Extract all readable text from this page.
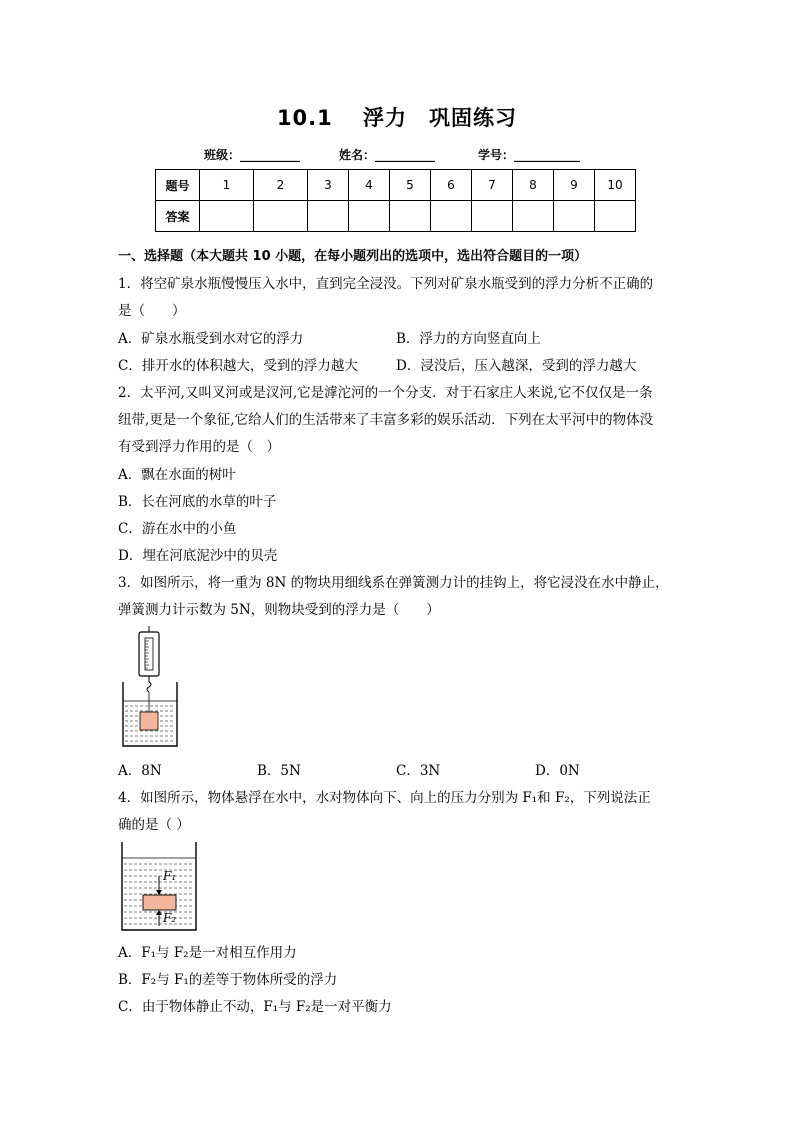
10.1　 浮力　巩固练习
班级：__________	姓名：__________	学号：___________
题号	1	2	3	4	5	6	7	8	9	10
答案										
一、选择题（本大题共 10 小题，在每小题列出的选项中，选出符合题目的一项）
1．将空矿泉水瓶慢慢压入水中，直到完全浸没。下列对矿泉水瓶受到的浮力分析不正确的
是（　　）
A．矿泉水瓶受到水对它的浮力	B．浮力的方向竖直向上
C．排开水的体积越大，受到的浮力越大	D．浸没后，压入越深，受到的浮力越大
2．太平河,又叫叉河或是汊河,它是滹沱河的一个分支．对于石家庄人来说,它不仅仅是一条
纽带,更是一个象征,它给人们的生活带来了丰富多彩的娱乐活动．下列在太平河中的物体没
有受到浮力作用的是（　）
A．飘在水面的树叶
B．长在河底的水草的叶子
C．游在水中的小鱼
D．埋在河底泥沙中的贝壳
3．如图所示，将一重为 8N 的物块用细线系在弹簧测力计的挂钩上，将它浸没在水中静止，
弹簧测力计示数为 5N，则物块受到的浮力是（　　）
A．8N	B．5N	C．3N	D．0N
4．如图所示，物体悬浮在水中，水对物体向下、向上的压力分别为 F₁和 F₂，下列说法正
确的是（ ）
F₁
F₂
A．F₁与 F₂是一对相互作用力
B．F₂与 F₁的差等于物体所受的浮力
C．由于物体静止不动，F₁与 F₂是一对平衡力
